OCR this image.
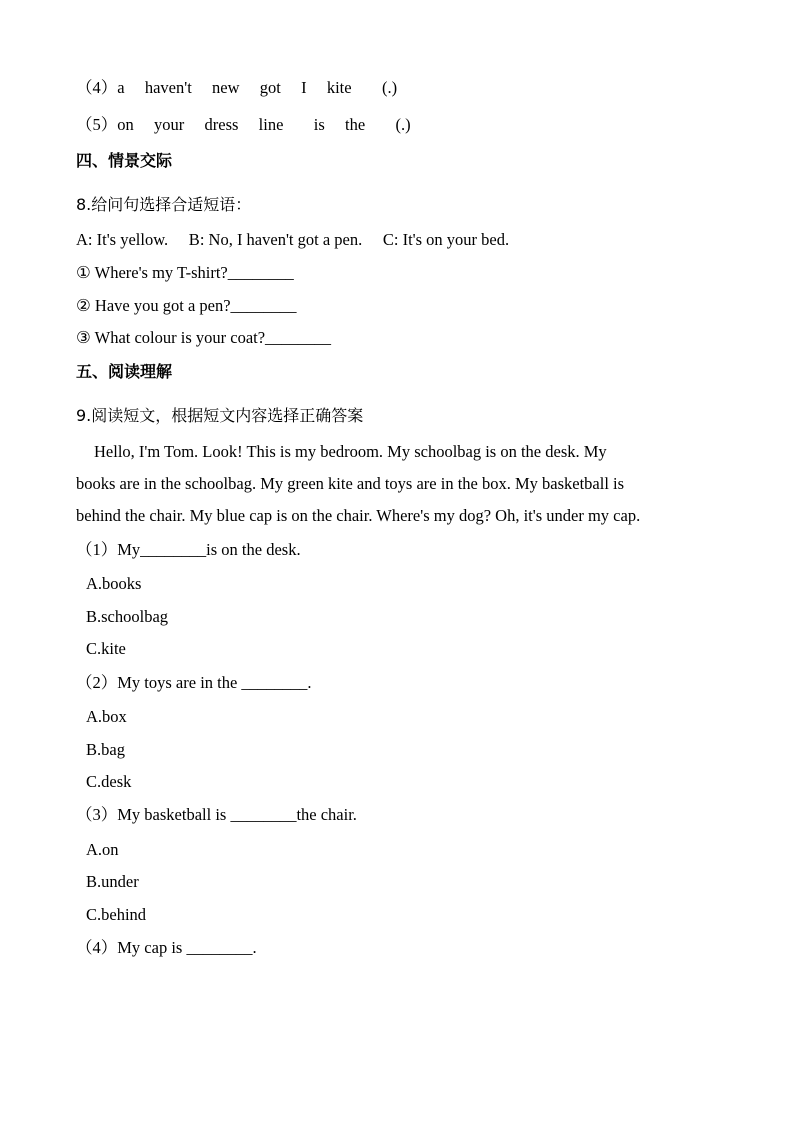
（4）a  haven't  new  got  I  kite   (.)
（5）on  your  dress  line   is  the   (.)
四、情景交际
8.给问句选择合适短语：
A: It's yellow.     B: No, I haven't got a pen.     C: It's on your bed.
① Where's my T-shirt?________
② Have you got a pen?________
③ What colour is your coat?________
五、阅读理解
9.阅读短文，根据短文内容选择正确答案
Hello, I'm Tom. Look! This is my bedroom. My schoolbag is on the desk. My
books are in the schoolbag. My green kite and toys are in the box. My basketball is
behind the chair. My blue cap is on the chair. Where's my dog? Oh, it's under my cap.
（1）My________is on the desk.
A.books
B.schoolbag
C.kite
（2）My toys are in the ________.
A.box
B.bag
C.desk
（3）My basketball is ________the chair.
A.on
B.under
C.behind
（4）My cap is ________.
